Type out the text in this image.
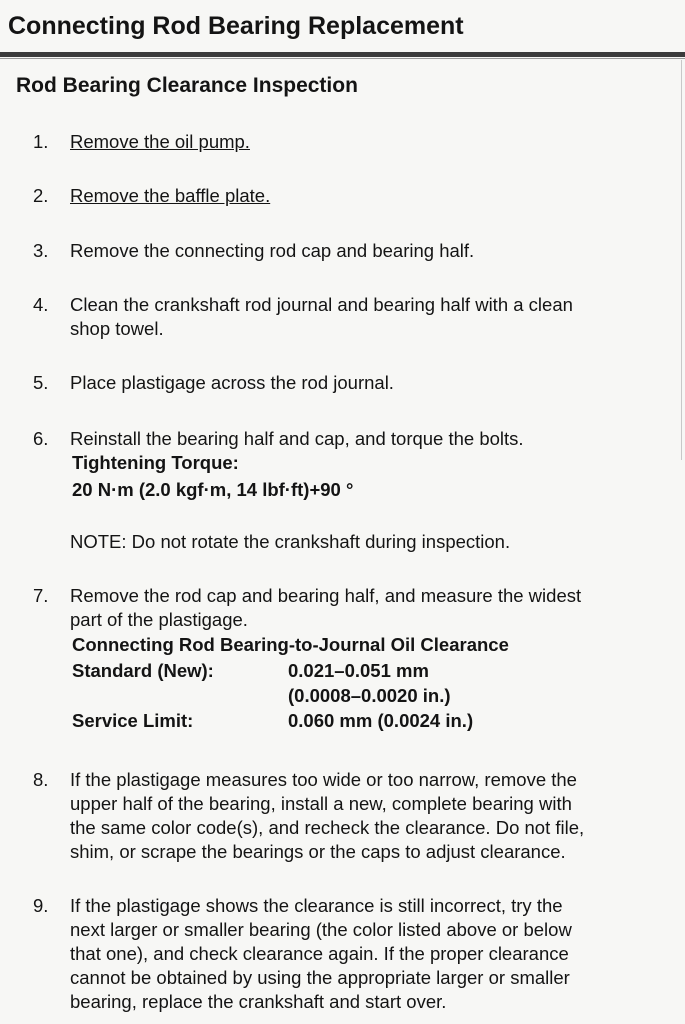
Connecting Rod Bearing Replacement
Rod Bearing Clearance Inspection
1. Remove the oil pump.
2. Remove the baffle plate.
3. Remove the connecting rod cap and bearing half.
4. Clean the crankshaft rod journal and bearing half with a clean
shop towel.
5. Place plastigage across the rod journal.
6. Reinstall the bearing half and cap, and torque the bolts.
Tightening Torque:
20 N·m (2.0 kgf·m, 14 lbf·ft)+90 °
NOTE: Do not rotate the crankshaft during inspection.
7. Remove the rod cap and bearing half, and measure the widest
part of the plastigage.
Connecting Rod Bearing-to-Journal Oil Clearance
Standard (New):	0.021–0.051 mm
(0.0008–0.0020 in.)
Service Limit:	0.060 mm (0.0024 in.)
8. If the plastigage measures too wide or too narrow, remove the
upper half of the bearing, install a new, complete bearing with
the same color code(s), and recheck the clearance. Do not file,
shim, or scrape the bearings or the caps to adjust clearance.
9. If the plastigage shows the clearance is still incorrect, try the
next larger or smaller bearing (the color listed above or below
that one), and check clearance again. If the proper clearance
cannot be obtained by using the appropriate larger or smaller
bearing, replace the crankshaft and start over.
